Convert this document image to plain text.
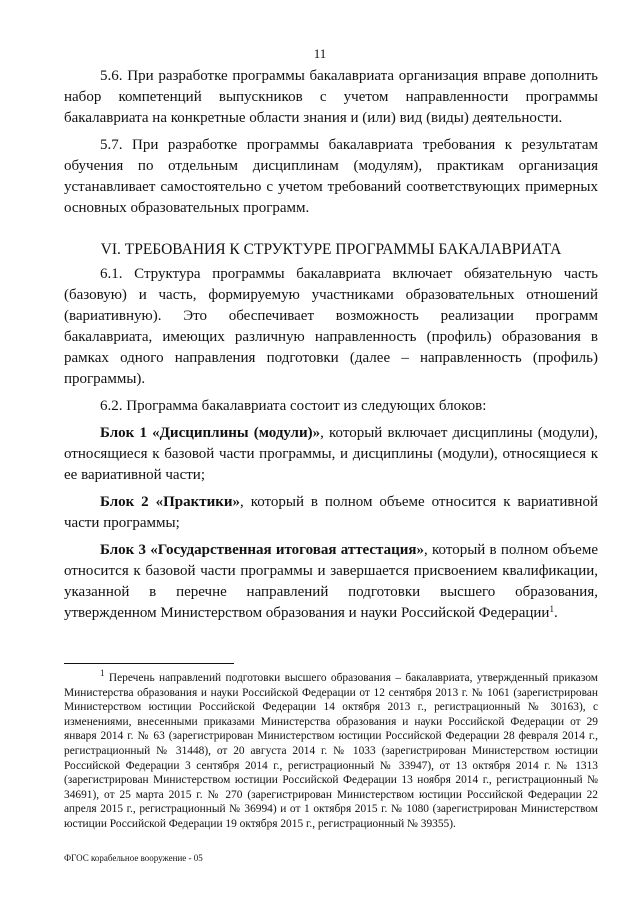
11

5.6. При разработке программы бакалавриата организация вправе дополнить набор компетенций выпускников с учетом направленности программы бакалавриата на конкретные области знания и (или) вид (виды) деятельности.

5.7. При разработке программы бакалавриата требования к результатам обучения по отдельным дисциплинам (модулям), практикам организация устанавливает самостоятельно с учетом требований соответствующих примерных основных образовательных программ.

VI. ТРЕБОВАНИЯ К СТРУКТУРЕ ПРОГРАММЫ БАКАЛАВРИАТА

6.1. Структура программы бакалавриата включает обязательную часть (базовую) и часть, формируемую участниками образовательных отношений (вариативную). Это обеспечивает возможность реализации программ бакалавриата, имеющих различную направленность (профиль) образования в рамках одного направления подготовки (далее – направленность (профиль) программы).

6.2. Программа бакалавриата состоит из следующих блоков:

Блок 1 «Дисциплины (модули)», который включает дисциплины (модули), относящиеся к базовой части программы, и дисциплины (модули), относящиеся к ее вариативной части;

Блок 2 «Практики», который в полном объеме относится к вариативной части программы;

Блок 3 «Государственная итоговая аттестация», который в полном объеме относится к базовой части программы и завершается присвоением квалификации, указанной в перечне направлений подготовки высшего образования, утвержденном Министерством образования и науки Российской Федерации$^1$.

$^1$ Перечень направлений подготовки высшего образования – бакалавриата, утвержденный приказом Министерства образования и науки Российской Федерации от 12 сентября 2013 г. № 1061 (зарегистрирован Министерством юстиции Российской Федерации 14 октября 2013 г., регистрационный № 30163), с изменениями, внесенными приказами Министерства образования и науки Российской Федерации от 29 января 2014 г. № 63 (зарегистрирован Министерством юстиции Российской Федерации 28 февраля 2014 г., регистрационный № 31448), от 20 августа 2014 г. № 1033 (зарегистрирован Министерством юстиции Российской Федерации 3 сентября 2014 г., регистрационный № 33947), от 13 октября 2014 г. № 1313 (зарегистрирован Министерством юстиции Российской Федерации 13 ноября 2014 г., регистрационный № 34691), от 25 марта 2015 г. № 270 (зарегистрирован Министерством юстиции Российской Федерации 22 апреля 2015 г., регистрационный № 36994) и от 1 октября 2015 г. № 1080 (зарегистрирован Министерством юстиции Российской Федерации 19 октября 2015 г., регистрационный № 39355).
ФГОС корабельное вооружение - 05
